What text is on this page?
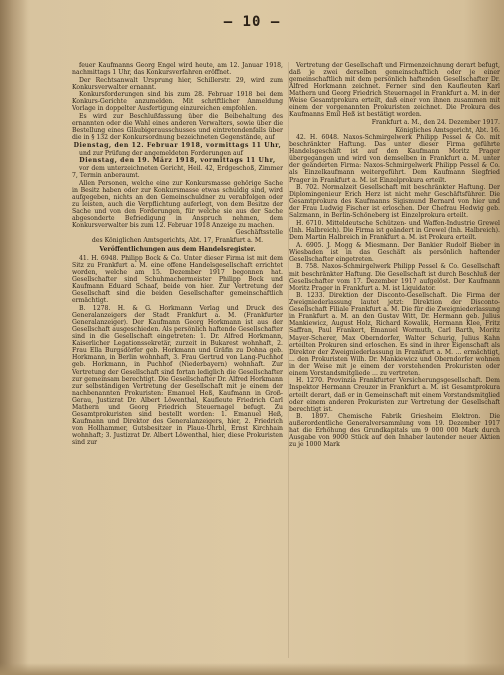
— 10 —

feuer Kaufmanns Georg Engel wird heute, am 12. Januar 1918, nachmittags 1 Uhr, das Konkursverfahren eröffnet.

Der Rechtsanwalt Ursprung hier, Schillerstr. 29, wird zum Konkursverwalter ernannt.

Konkursforderungen sind bis zum 28. Februar 1918 bei dem Konkurs-Gerichte anzumelden. Mit schriftlicher Anmeldung Vorlage in doppelter Ausfertigung einzureichen empfohlen.

Es wird zur Beschlußfassung über die Beibehaltung des ernannten oder die Wahl eines anderen Verwalters, sowie über die Bestellung eines Gläubigerausschusses und eintretendenfalls über die in § 132 der Konkursordnung bezeichneten Gegenstände, auf

Dienstag, den 12. Februar 1918, vormittags 11 Uhr,

und zur Prüfung der angemeldeten Forderungen auf

Dienstag, den 19. März 1918, vormittags 11 Uhr,

vor dem unterzeichneten Gericht, Heil. 42, Erdgeschoß, Zimmer 7, Termin anberaumt.

Allen Personen, welche eine zur Konkursmasse gehörige Sache in Besitz haben oder zur Konkursmasse etwas schuldig sind, wird aufgegeben, nichts an den Gemeinschuldner zu verabfolgen oder zu leisten, auch die Verpflichtung auferlegt, von dem Besitze der Sache und von den Forderungen, für welche sie aus der Sache abgesonderte Befriedigung in Anspruch nehmen, dem Konkursverwalter bis zum 12. Februar 1918 Anzeige zu machen.

Geschäftsstelle

des Königlichen Amtsgerichts, Abt. 17, Frankfurt a. M.

Veröffentlichungen aus dem Handelsregister.

41. H. 6948. Philipp Bock & Co. Unter dieser Firma ist mit dem Sitz zu Frankfurt a. M. eine offene Handelsgesellschaft errichtet worden, welche am 15. Dezember 1917 begonnen hat. Gesellschafter sind Schuhmachermeister Philipp Bock und Kaufmann Eduard Schaaf, beide von hier. Zur Vertretung der Gesellschaft sind die beiden Gesellschafter gemeinschaftlich ermächtigt.

B. 1278. H. & G. Horkmann Verlag und Druck des Generalanzeigers der Stadt Frankfurt a. M. (Frankfurter Generalanzeiger). Der Kaufmann Georg Horkmann ist aus der Gesellschaft ausgeschieden. Als persönlich haftende Gesellschafter sind in die Gesellschaft eingetreten: 1. Dr. Alfred Horkmann, Kaiserlicher Legationssekretär, zurzeit in Bukarest wohnhaft, 2. Frau Ella Burgsdörfer geb. Horkmann und Gräfin zu Dohna geb. Horkmann, in Berlin wohnhaft, 3. Frau Gertrud von Lang-Puchhof geb. Horkmann, in Puchhof (Niederbayern) wohnhaft. Zur Vertretung der Gesellschaft sind fortan lediglich die Gesellschafter zur gemeinsam berechtigt. Die Gesellschafter Dr. Alfred Horkmann zur selbständigen Vertretung der Gesellschaft mit je einem der nachbenannten Prokuristen: Emanuel Heß, Kaufmann in Groß-Gerau, Justizrat Dr. Albert Löwenthal, Kaufleute Friedrich Carl Mathern und Georg Friedrich Steuernagel befugt. Zu Gesamtprokuristen sind bestellt worden: 1. Emanuel Heß, Kaufmann und Direktor des Generalanzeigers, hier, 2. Friedrich von Hollhammer, Gutsbesitzer in Plaue-Uhrbl, Ernst Kirchhain wohnhaft; 3. Justizrat Dr. Albert Löwenthal, hier, diese Prokuristen sind zur

Vertretung der Gesellschaft und Firmenzeichnung derart befugt, daß je zwei derselben gemeinschaftlich oder je einer gemeinschaftlich mit dem persönlich haftenden Gesellschafter Dr. Alfred Horkmann zeichnet. Ferner sind den Kaufleuten Karl Mathern und Georg Friedrich Steuernagel in Frankfurt a. M. in der Weise Gesamtprokura erteilt, daß einer von ihnen zusammen mit einem der vorgenannten Prokuristen zeichnet. Die Prokura des Kaufmanns Emil Heß ist bestätigt worden.

Frankfurt a. M., den 24. Dezember 1917.

Königliches Amtsgericht, Abt. 16.

42. H. 6048. Naxos-Schmirgelwerk Philipp Pessel & Co. mit beschränkter Haftung. Das unter dieser Firma geführte Handelsgeschäft ist auf den Kaufmann Moritz Prager übergegangen und wird von demselben in Frankfurt a. M. unter der geänderten Firma: Naxos-Schmirgelwerk Philipp Pessel & Co. als Einzelkaufmann weitergeführt. Dem Kaufmann Siegfried Prager in Frankfurt a. M. ist Einzelprokura erteilt.

B. 702. Normalzeit Gesellschaft mit beschränkter Haftung. Der Diplomingenieur Erich Herz ist nicht mehr Geschäftsführer. Die Gesamtprokura des Kaufmanns Sigismund Bernard von hier und der Frau Ludwig Fischer ist erloschen. Der Chefrau Hedwig geb. Salzmann, in Berlin-Schöneberg ist Einzelprokura erteilt.

H. 6710. Mitteldeutsche Schützen- und Waffen-Industrie Grewel (Inh. Halbreich). Die Firma ist geändert in Grewel (Inh. Halbreich). Dem Martin Halbreich in Frankfurt a. M. ist Prokura erteilt.

A. 6905. J. Mogg & Miesmann. Der Bankier Rudolf Bieber in Wiesbaden ist in das Geschäft als persönlich haftender Gesellschafter eingetreten.

B. 758. Naxos-Schmirgelwerk Philipp Pessel & Co. Gesellschaft mit beschränkter Haftung. Die Gesellschaft ist durch Beschluß der Gesellschafter vom 17. Dezember 1917 aufgelöst. Der Kaufmann Moritz Prager in Frankfurt a. M. ist Liquidator.

B. 1233. Direktion der Disconto-Gesellschaft. Die Firma der Zweigniederlassung lautet jetzt: Direktion der Disconto-Gesellschaft Filiale Frankfurt a. M. Die für die Zweigniederlassung in Frankfurt a. M. an den Gustav Witt, Dr. Hermann geb. Julius Mankiewicz, August Holz, Richard Kowalik, Hermann Klee, Fritz Saffran, Paul Frankert, Emanuel Wormuth, Carl Barth, Moritz Mayer-Scherer, Max Oberndorfer, Walter Schurig, Julius Kahn erteilten Prokuren sind erloschen. Es sind in ihrer Eigenschaft als Direktor der Zweigniederlassung in Frankfurt a. M. ... ermächtigt, ... den Prokuristen Wilh. Dr. Mankiewicz und Oberndorfer wohnen in der Weise mit je einem der vorstehenden Prokuristen oder einem Vorstandsmitgliede ... zu vertreten.

H. 1270. Provinzia Frankfurter Versicherungsgesellschaft. Dem Inspektor Hermann Creuzer in Frankfurt a. M. ist Gesamtprokura erteilt derart, daß er in Gemeinschaft mit einem Vorstandsmitglied oder einem anderen Prokuristen zur Vertretung der Gesellschaft berechtigt ist.

B. 1897. Chemische Fabrik Griesheim Elektron. Die außerordentliche Generalversammlung vom 19. Dezember 1917 hat die Erhöhung des Grundkapitals um 9 000 000 Mark durch Ausgabe von 9000 Stück auf den Inhaber lautender neuer Aktien zu je 1000 Mark
